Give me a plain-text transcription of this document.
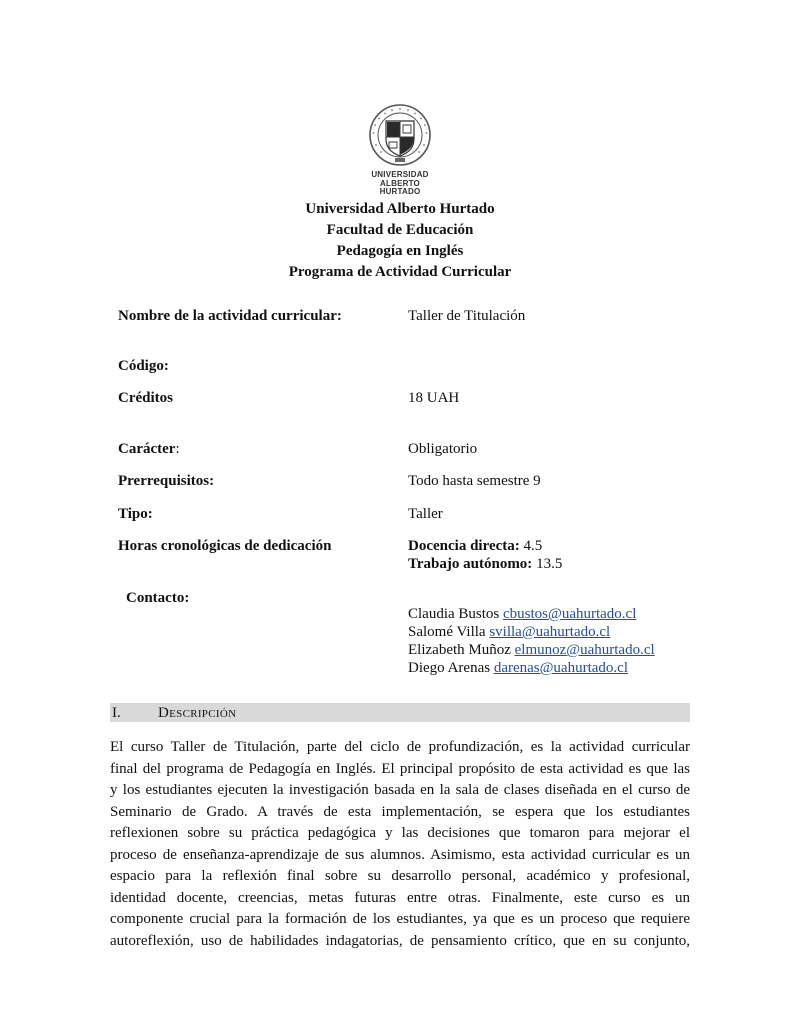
UNIVERSIDAD
ALBERTO HURTADO
Universidad Alberto Hurtado
Facultad de Educación
Pedagogía en Inglés
Programa de Actividad Curricular
Nombre de la actividad curricular:	Taller de Titulación
Código:
Créditos	18 UAH
Carácter:	Obligatorio
Prerrequisitos:	Todo hasta semestre 9
Tipo:	Taller
Horas cronológicas de dedicación	Docencia directa: 4.5
Trabajo autónomo: 13.5
Contacto:
Claudia Bustos cbustos@uahurtado.cl
Salomé Villa svilla@uahurtado.cl
Elizabeth Muñoz elmunoz@uahurtado.cl
Diego Arenas darenas@uahurtado.cl
I. Descripción
El curso Taller de Titulación, parte del ciclo de profundización, es la actividad curricular
final del programa de Pedagogía en Inglés. El principal propósito de esta actividad es que las
y los estudiantes ejecuten la investigación basada en la sala de clases diseñada en el curso de
Seminario de Grado. A través de esta implementación, se espera que los estudiantes
reflexionen sobre su práctica pedagógica y las decisiones que tomaron para mejorar el
proceso de enseñanza-aprendizaje de sus alumnos. Asimismo, esta actividad curricular es un
espacio para la reflexión final sobre su desarrollo personal, académico y profesional,
identidad docente, creencias, metas futuras entre otras. Finalmente, este curso es un
componente crucial para la formación de los estudiantes, ya que es un proceso que requiere
autoreflexión, uso de habilidades indagatorias, de pensamiento crítico, que en su conjunto,
